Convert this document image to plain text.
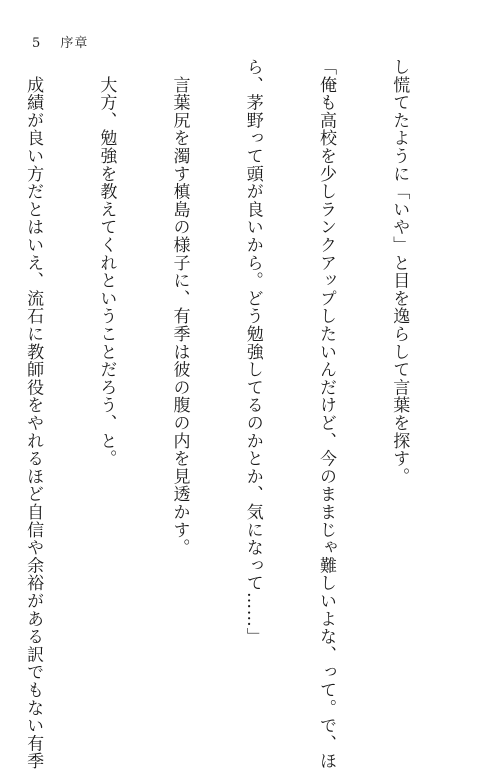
5 序章

し慌てたように「いや」と目を逸らして言葉を探す。

「俺も高校を少しランクアップしたいんだけど、今のままじゃ難しいよな、って。で、ほ

ら、茅野って頭が良いから。どう勉強してるのかとか、気になって……」

　言葉尻を濁す槙島の様子に、有季は彼の腹の内を見透かす。

　大方、勉強を教えてくれということだろう、と。

　成績が良い方だとはいえ、流石に教師役をやれるほど自信や余裕がある訳でもない有季
